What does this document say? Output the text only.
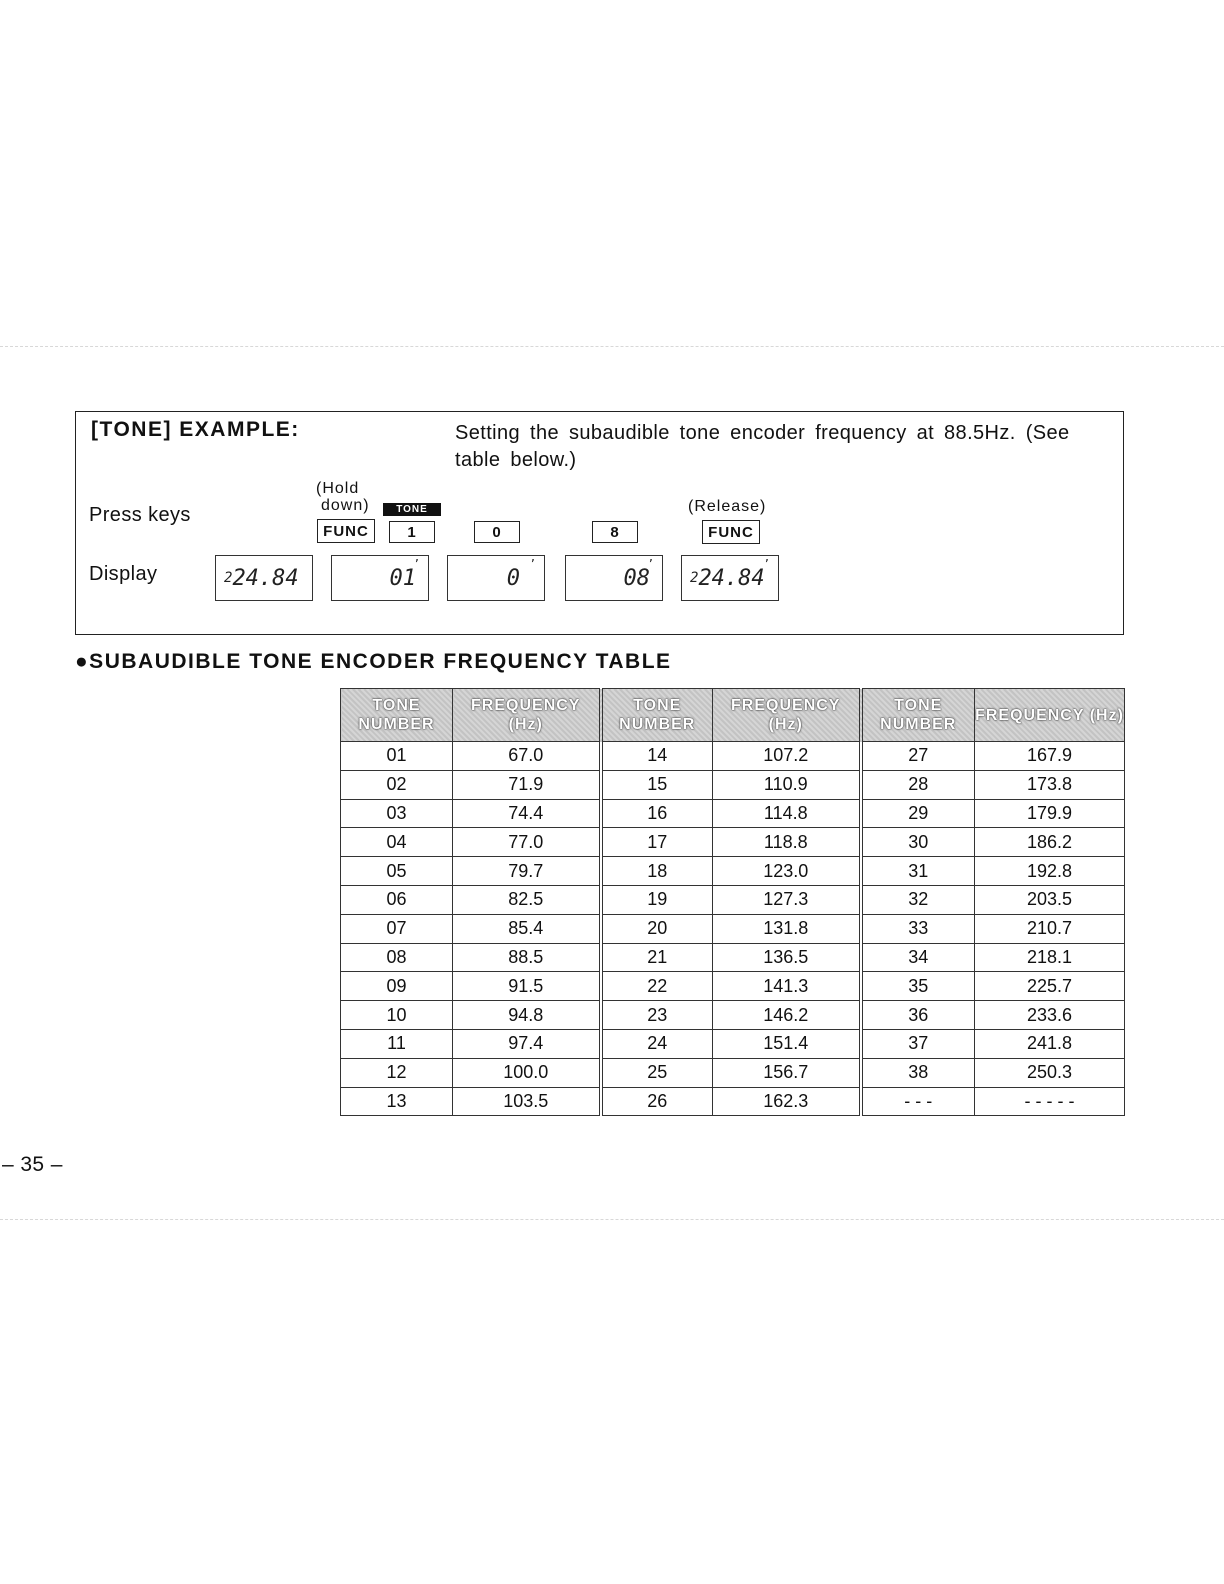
[TONE] EXAMPLE:	Setting the subaudible tone encoder frequency at 88.5Hz. (See table below.)
Press keys
Display
(Hold
down)	TONE	(Release)
FUNC	1	0	8	FUNC
2 24.84
’
01
’
0
’
08
’
2 24.84
●SUBAUDIBLE TONE ENCODER FREQUENCY TABLE
TONE NUMBER	FREQUENCY (Hz)	TONE NUMBER	FREQUENCY (Hz)	TONE NUMBER	FREQUENCY (Hz)
01	67.0	14	107.2	27	167.9
02	71.9	15	110.9	28	173.8
03	74.4	16	114.8	29	179.9
04	77.0	17	118.8	30	186.2
05	79.7	18	123.0	31	192.8
06	82.5	19	127.3	32	203.5
07	85.4	20	131.8	33	210.7
08	88.5	21	136.5	34	218.1
09	91.5	22	141.3	35	225.7
10	94.8	23	146.2	36	233.6
11	97.4	24	151.4	37	241.8
12	100.0	25	156.7	38	250.3
13	103.5	26	162.3	- - -	- - - - -
– 35 –
